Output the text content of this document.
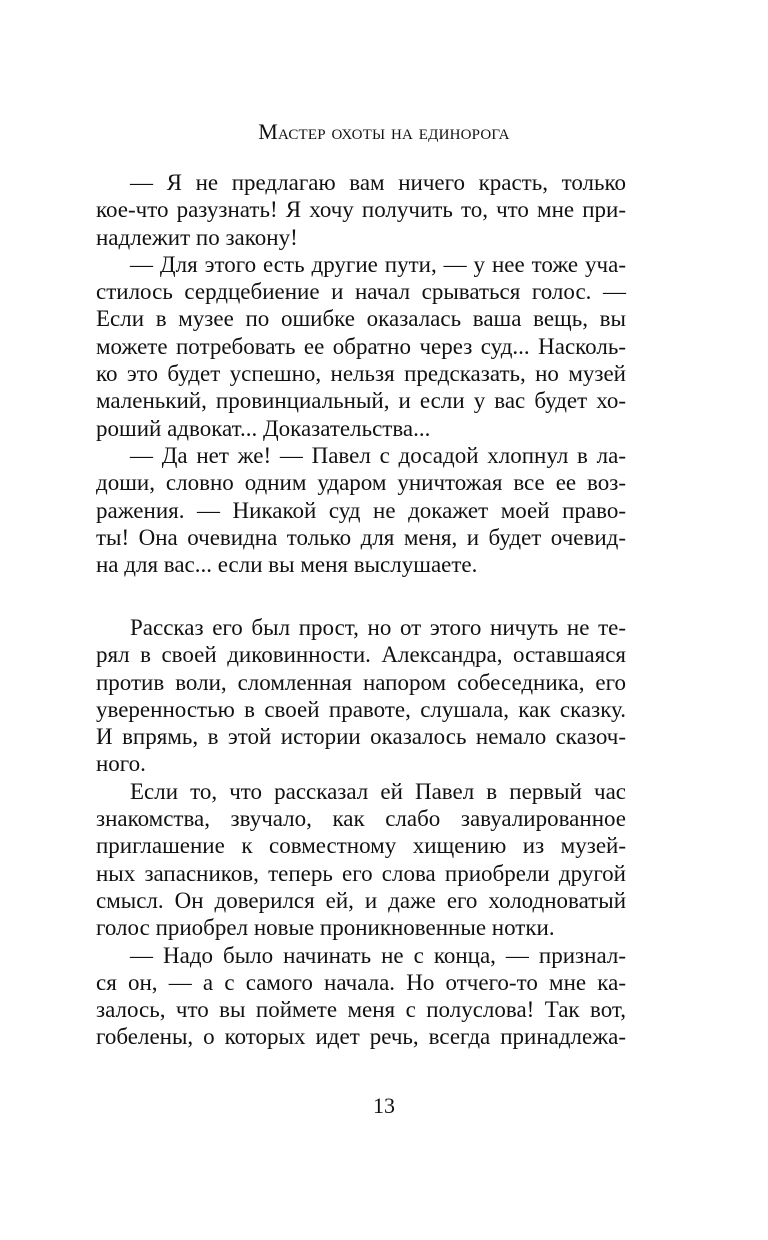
Мастер охоты на единорога
— Я не предлагаю вам ничего красть, только
кое-что разузнать! Я хочу получить то, что мне при-
надлежит по закону!
— Для этого есть другие пути, — у нее тоже уча-
стилось сердцебиение и начал срываться голос. —
Если в музее по ошибке оказалась ваша вещь, вы
можете потребовать ее обратно через суд... Насколь-
ко это будет успешно, нельзя предсказать, но музей
маленький, провинциальный, и если у вас будет хо-
роший адвокат... Доказательства...
— Да нет же! — Павел с досадой хлопнул в ла-
доши, словно одним ударом уничтожая все ее воз-
ражения. — Никакой суд не докажет моей право-
ты! Она очевидна только для меня, и будет очевид-
на для вас... если вы меня выслушаете.
Рассказ его был прост, но от этого ничуть не те-
рял в своей диковинности. Александра, оставшаяся
против воли, сломленная напором собеседника, его
уверенностью в своей правоте, слушала, как сказку.
И впрямь, в этой истории оказалось немало сказоч-
ного.
Если то, что рассказал ей Павел в первый час
знакомства, звучало, как слабо завуалированное
приглашение к совместному хищению из музей-
ных запасников, теперь его слова приобрели другой
смысл. Он доверился ей, и даже его холодноватый
голос приобрел новые проникновенные нотки.
— Надо было начинать не с конца, — признал-
ся он, — а с самого начала. Но отчего-то мне ка-
залось, что вы поймете меня с полуслова! Так вот,
гобелены, о которых идет речь, всегда принадлежа-
13
